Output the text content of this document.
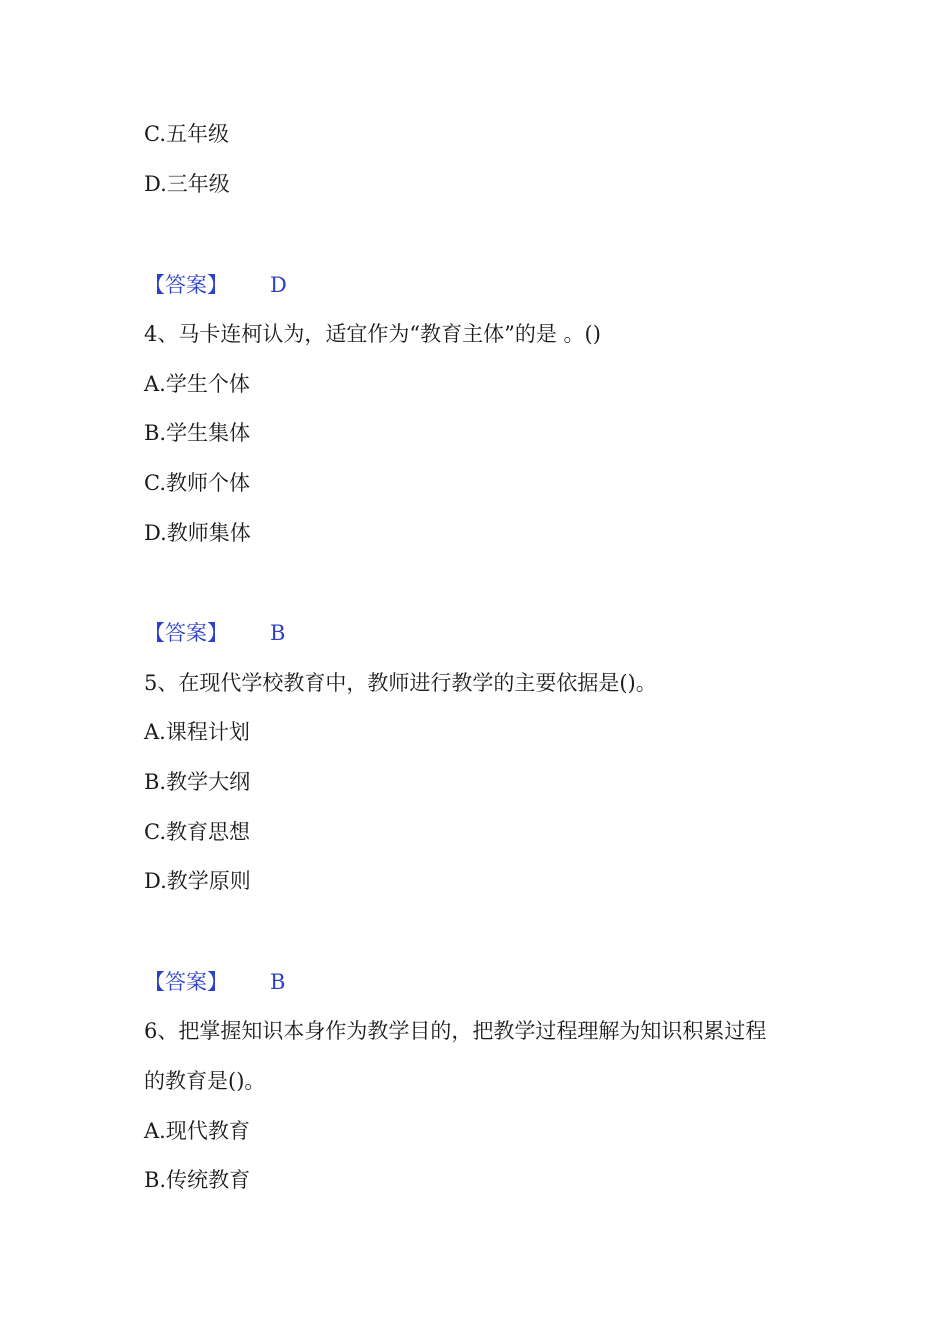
C.五年级
D.三年级
【答案】 D
4、马卡连柯认为，适宜作为“教育主体”的是 。()
A.学生个体
B.学生集体
C.教师个体
D.教师集体
【答案】 B
5、在现代学校教育中，教师进行教学的主要依据是()。
A.课程计划
B.教学大纲
C.教育思想
D.教学原则
【答案】 B
6、把掌握知识本身作为教学目的，把教学过程理解为知识积累过程
的教育是()。
A.现代教育
B.传统教育
